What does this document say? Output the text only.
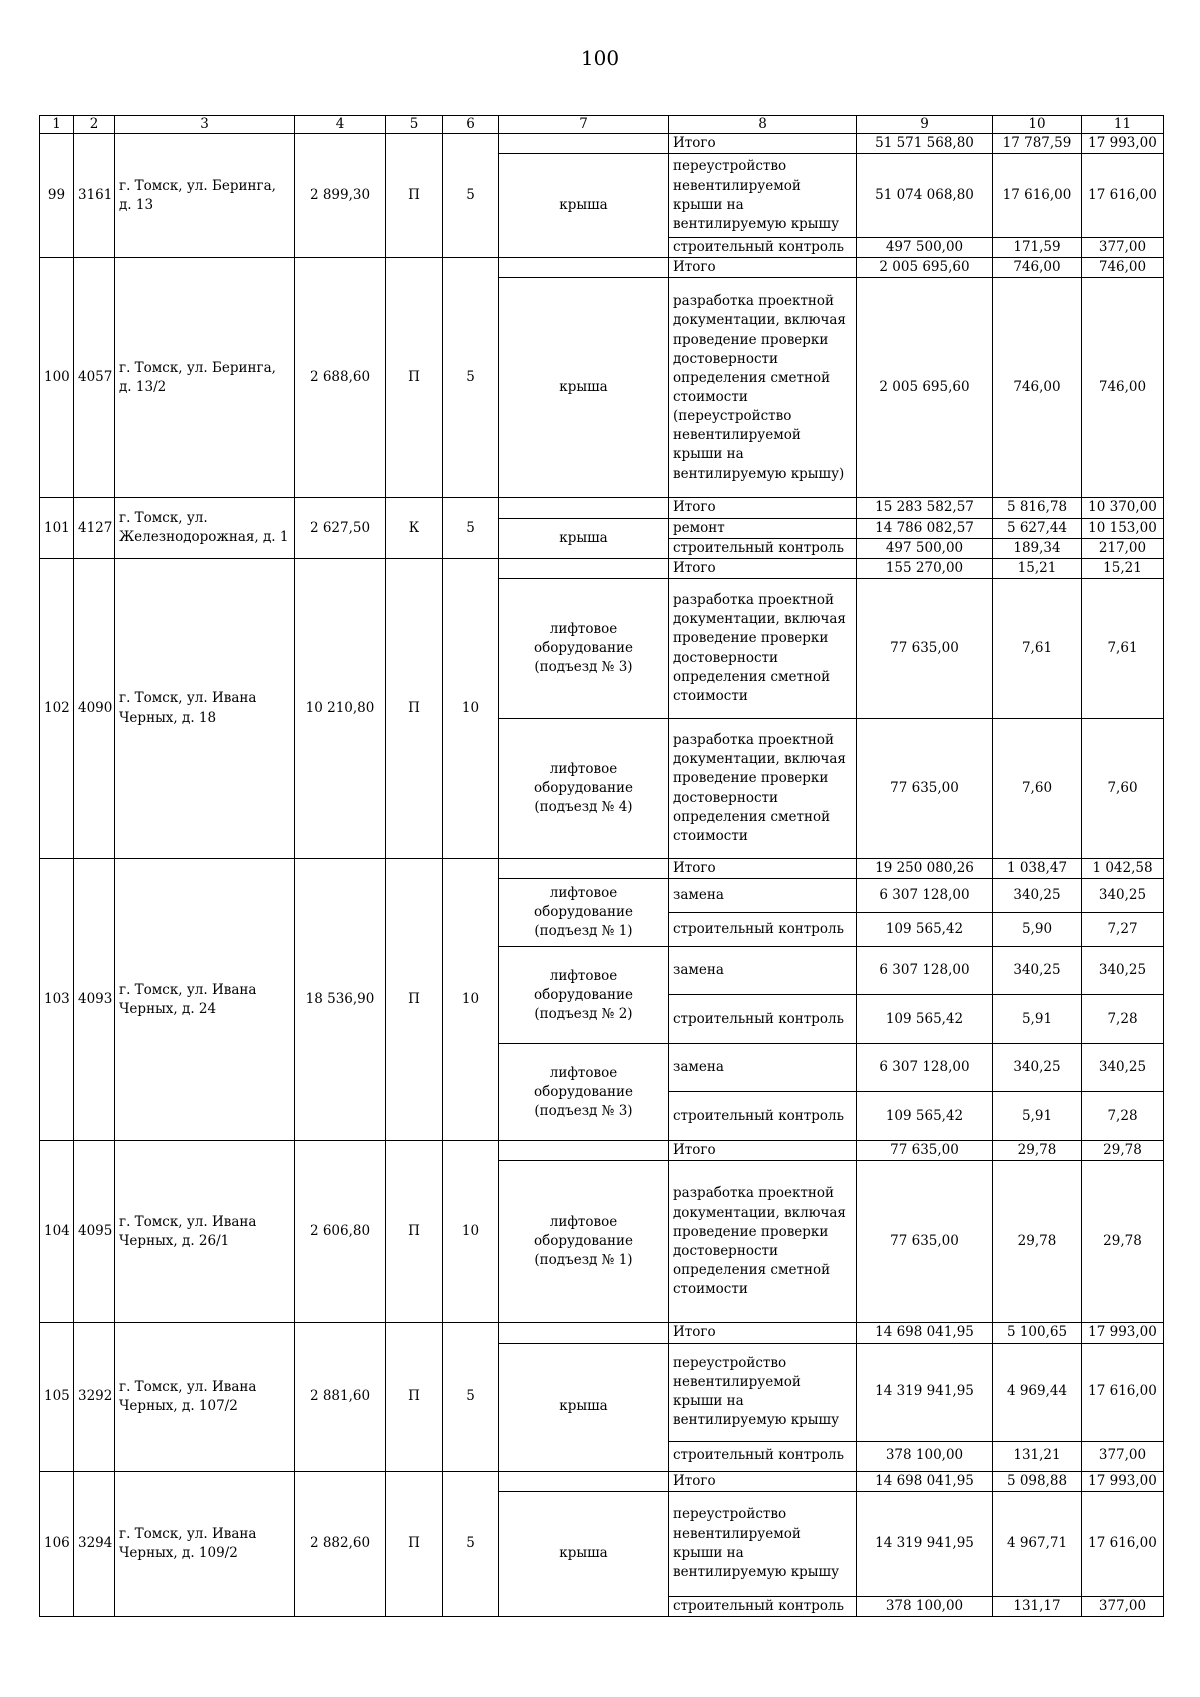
100
1	2	3	4	5	6	7	8	9	10	11
99	3161	г. Томск, ул. Беринга, д. 13	2 899,30	П	5		Итого	51 571 568,80	17 787,59	17 993,00
						крыша	переустройство невентилируемой крыши на вентилируемую крышу	51 074 068,80	17 616,00	17 616,00
							строительный контроль	497 500,00	171,59	377,00
100	4057	г. Томск, ул. Беринга, д. 13/2	2 688,60	П	5		Итого	2 005 695,60	746,00	746,00
						крыша	разработка проектной документации, включая проведение проверки достоверности определения сметной стоимости (переустройство невентилируемой крыши на вентилируемую крышу)	2 005 695,60	746,00	746,00
101	4127	г. Томск, ул. Железнодорожная, д. 1	2 627,50	К	5		Итого	15 283 582,57	5 816,78	10 370,00
						крыша	ремонт	14 786 082,57	5 627,44	10 153,00
							строительный контроль	497 500,00	189,34	217,00
102	4090	г. Томск, ул. Ивана Черных, д. 18	10 210,80	П	10		Итого	155 270,00	15,21	15,21
						лифтовое оборудование (подъезд № 3)	разработка проектной документации, включая проведение проверки достоверности определения сметной стоимости	77 635,00	7,61	7,61
						лифтовое оборудование (подъезд № 4)	разработка проектной документации, включая проведение проверки достоверности определения сметной стоимости	77 635,00	7,60	7,60
103	4093	г. Томск, ул. Ивана Черных, д. 24	18 536,90	П	10		Итого	19 250 080,26	1 038,47	1 042,58
						лифтовое оборудование (подъезд № 1)	замена	6 307 128,00	340,25	340,25
							строительный контроль	109 565,42	5,90	7,27
						лифтовое оборудование (подъезд № 2)	замена	6 307 128,00	340,25	340,25
							строительный контроль	109 565,42	5,91	7,28
						лифтовое оборудование (подъезд № 3)	замена	6 307 128,00	340,25	340,25
							строительный контроль	109 565,42	5,91	7,28
104	4095	г. Томск, ул. Ивана Черных, д. 26/1	2 606,80	П	10		Итого	77 635,00	29,78	29,78
						лифтовое оборудование (подъезд № 1)	разработка проектной документации, включая проведение проверки достоверности определения сметной стоимости	77 635,00	29,78	29,78
105	3292	г. Томск, ул. Ивана Черных, д. 107/2	2 881,60	П	5		Итого	14 698 041,95	5 100,65	17 993,00
						крыша	переустройство невентилируемой крыши на вентилируемую крышу	14 319 941,95	4 969,44	17 616,00
							строительный контроль	378 100,00	131,21	377,00
106	3294	г. Томск, ул. Ивана Черных, д. 109/2	2 882,60	П	5		Итого	14 698 041,95	5 098,88	17 993,00
						крыша	переустройство невентилируемой крыши на вентилируемую крышу	14 319 941,95	4 967,71	17 616,00
							строительный контроль	378 100,00	131,17	377,00
